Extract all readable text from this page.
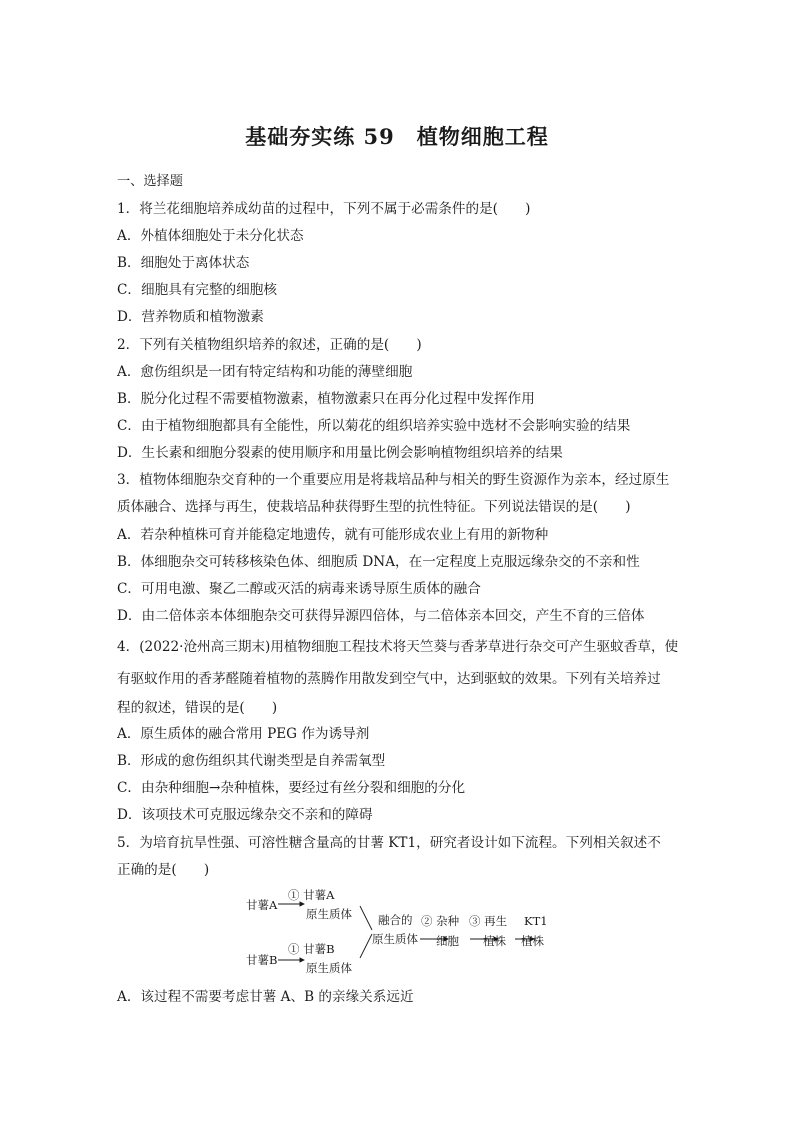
基础夯实练 59　植物细胞工程
一、选择题
1．将兰花细胞培养成幼苗的过程中，下列不属于必需条件的是(　　)
A．外植体细胞处于未分化状态
B．细胞处于离体状态
C．细胞具有完整的细胞核
D．营养物质和植物激素
2．下列有关植物组织培养的叙述，正确的是(　　)
A．愈伤组织是一团有特定结构和功能的薄壁细胞
B．脱分化过程不需要植物激素，植物激素只在再分化过程中发挥作用
C．由于植物细胞都具有全能性，所以菊花的组织培养实验中选材不会影响实验的结果
D．生长素和细胞分裂素的使用顺序和用量比例会影响植物组织培养的结果
3．植物体细胞杂交育种的一个重要应用是将栽培品种与相关的野生资源作为亲本，经过原生
质体融合、选择与再生，使栽培品种获得野生型的抗性特征。下列说法错误的是(　　)
A．若杂种植株可育并能稳定地遗传，就有可能形成农业上有用的新物种
B．体细胞杂交可转移核染色体、细胞质 DNA，在一定程度上克服远缘杂交的不亲和性
C．可用电激、聚乙二醇或灭活的病毒来诱导原生质体的融合
D．由二倍体亲本体细胞杂交可获得异源四倍体，与二倍体亲本回交，产生不育的三倍体
4．(2022·沧州高三期末)用植物细胞工程技术将天竺葵与香茅草进行杂交可产生驱蚊香草，使
有驱蚊作用的香茅醛随着植物的蒸腾作用散发到空气中，达到驱蚊的效果。下列有关培养过
程的叙述，错误的是(　　)
A．原生质体的融合常用 PEG 作为诱导剂
B．形成的愈伤组织其代谢类型是自养需氧型
C．由杂种细胞→杂种植株，要经过有丝分裂和细胞的分化
D．该项技术可克服远缘杂交不亲和的障碍
5．为培育抗旱性强、可溶性糖含量高的甘薯 KT1，研究者设计如下流程。下列相关叙述不
正确的是(　　)
甘薯A
① 甘薯A
原生质体
甘薯B
① 甘薯B
原生质体
融合的
原生质体
② 杂种
细胞
③ 再生
植株
KT1
植株
A．该过程不需要考虑甘薯 A、B 的亲缘关系远近
